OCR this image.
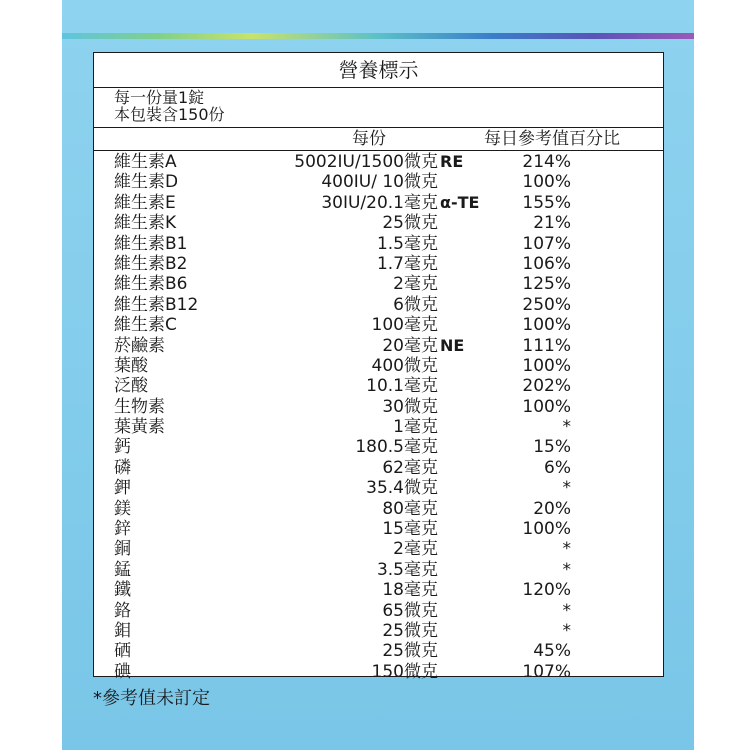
營養標示
每一份量1錠
本包裝含150份
每份	每日參考值百分比
維生素A	5002IU/1500微克 RE	214%
維生素D	400IU/ 10微克	100%
維生素E	30IU/20.1毫克 α-TE	155%
維生素K	25微克	21%
維生素B1	1.5毫克	107%
維生素B2	1.7毫克	106%
維生素B6	2毫克	125%
維生素B12	6微克	250%
維生素C	100毫克	100%
菸鹼素	20毫克 NE	111%
葉酸	400微克	100%
泛酸	10.1毫克	202%
生物素	30微克	100%
葉黃素	1毫克	*
鈣	180.5毫克	15%
磷	62毫克	6%
鉀	35.4微克	*
鎂	80毫克	20%
鋅	15毫克	100%
銅	2毫克	*
錳	3.5毫克	*
鐵	18毫克	120%
鉻	65微克	*
鉬	25微克	*
硒	25微克	45%
碘	150微克	107%
*參考值未訂定
